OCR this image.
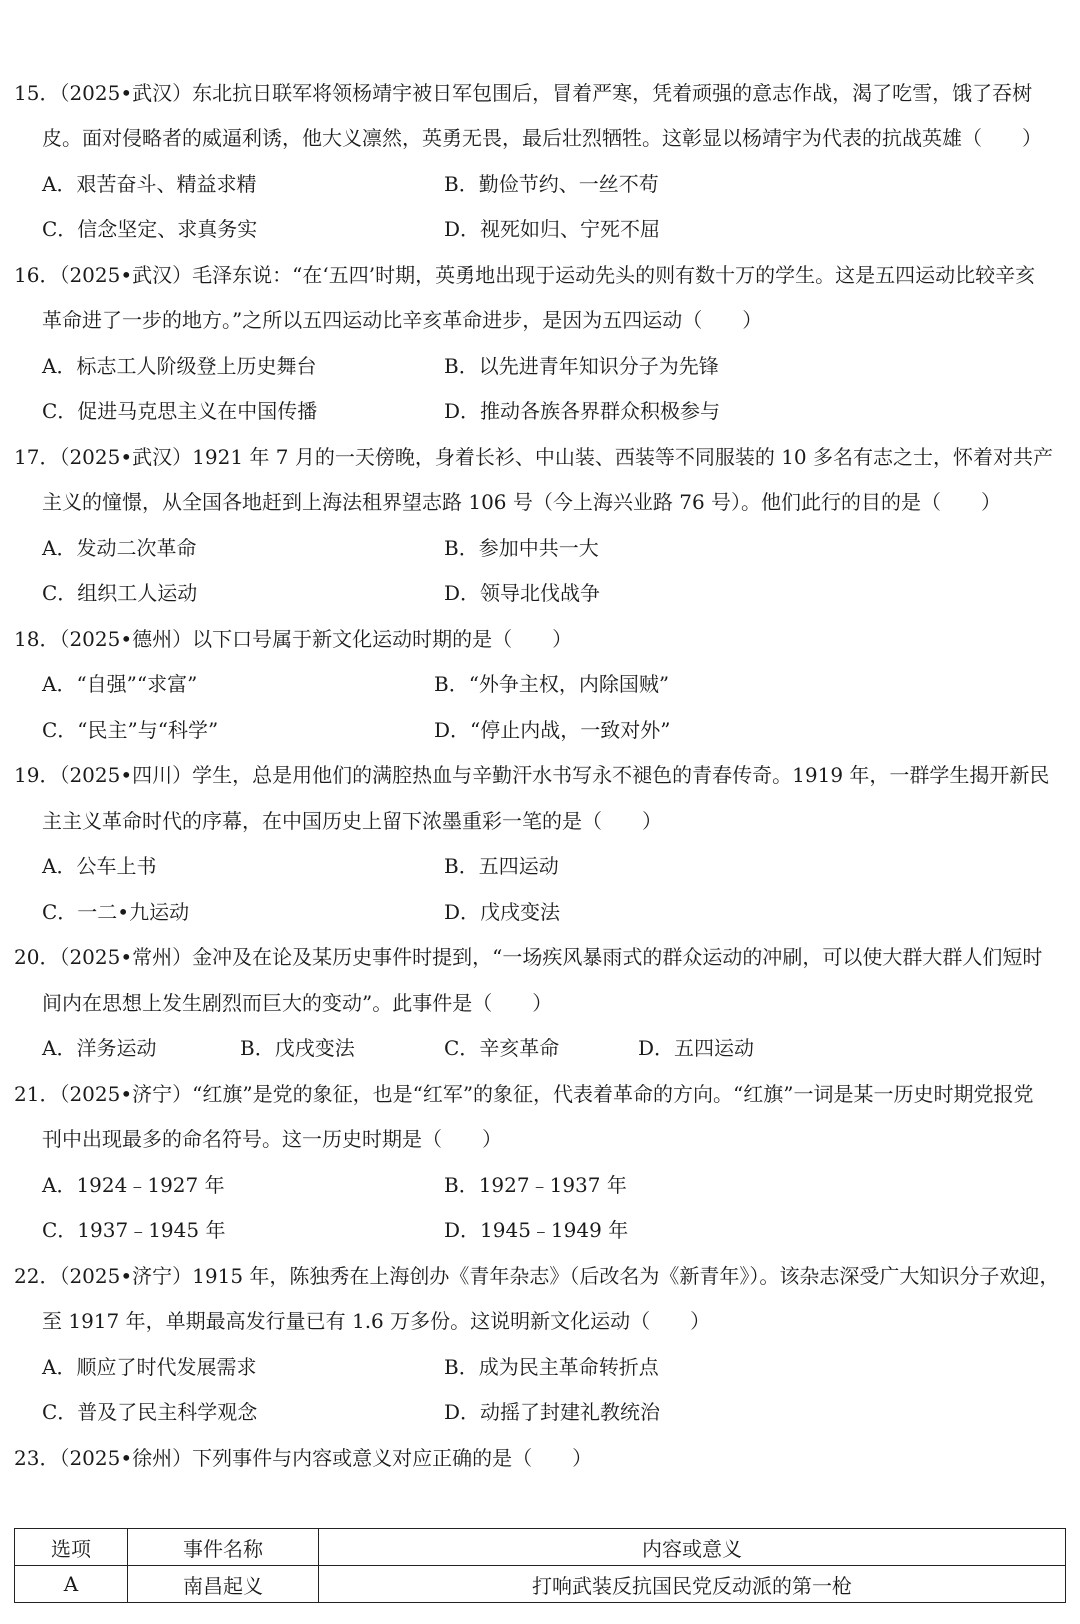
15．（2025•武汉）东北抗日联军将领杨靖宇被日军包围后，冒着严寒，凭着顽强的意志作战，渴了吃雪，饿了吞树
皮。面对侵略者的威逼利诱，他大义凛然，英勇无畏，最后壮烈牺牲。这彰显以杨靖宇为代表的抗战英雄（　　）
A．艰苦奋斗、精益求精	B．勤俭节约、一丝不苟
C．信念坚定、求真务实	D．视死如归、宁死不屈
16．（2025•武汉）毛泽东说：“在‘五四’时期，英勇地出现于运动先头的则有数十万的学生。这是五四运动比较辛亥
革命进了一步的地方。”之所以五四运动比辛亥革命进步，是因为五四运动（　　）
A．标志工人阶级登上历史舞台	B．以先进青年知识分子为先锋
C．促进马克思主义在中国传播	D．推动各族各界群众积极参与
17．（2025•武汉）1921 年 7 月的一天傍晚，身着长衫、中山装、西装等不同服装的 10 多名有志之士，怀着对共产
主义的憧憬，从全国各地赶到上海法租界望志路 106 号（今上海兴业路 76 号）。他们此行的目的是（　　）
A．发动二次革命	B．参加中共一大
C．组织工人运动	D．领导北伐战争
18．（2025•德州）以下口号属于新文化运动时期的是（　　）
A．“自强”“求富”	B．“外争主权，内除国贼”
C．“民主”与“科学”	D．“停止内战，一致对外”
19．（2025•四川）学生，总是用他们的满腔热血与辛勤汗水书写永不褪色的青春传奇。1919 年，一群学生揭开新民
主主义革命时代的序幕，在中国历史上留下浓墨重彩一笔的是（　　）
A．公车上书	B．五四运动
C．一二•九运动	D．戊戌变法
20．（2025•常州）金冲及在论及某历史事件时提到，“一场疾风暴雨式的群众运动的冲刷，可以使大群大群人们短时
间内在思想上发生剧烈而巨大的变动”。此事件是（　　）
A．洋务运动	B．戊戌变法	C．辛亥革命	D．五四运动
21．（2025•济宁）“红旗”是党的象征，也是“红军”的象征，代表着革命的方向。“红旗”一词是某一历史时期党报党
刊中出现最多的命名符号。这一历史时期是（　　）
A．1924﹣1927 年	B．1927﹣1937 年
C．1937﹣1945 年	D．1945﹣1949 年
22．（2025•济宁）1915 年，陈独秀在上海创办《青年杂志》（后改名为《新青年》）。该杂志深受广大知识分子欢迎，
至 1917 年，单期最高发行量已有 1.6 万多份。这说明新文化运动（　　）
A．顺应了时代发展需求	B．成为民主革命转折点
C．普及了民主科学观念	D．动摇了封建礼教统治
23．（2025•徐州）下列事件与内容或意义对应正确的是（　　）
选项	事件名称	内容或意义
A	南昌起义	打响武装反抗国民党反动派的第一枪
